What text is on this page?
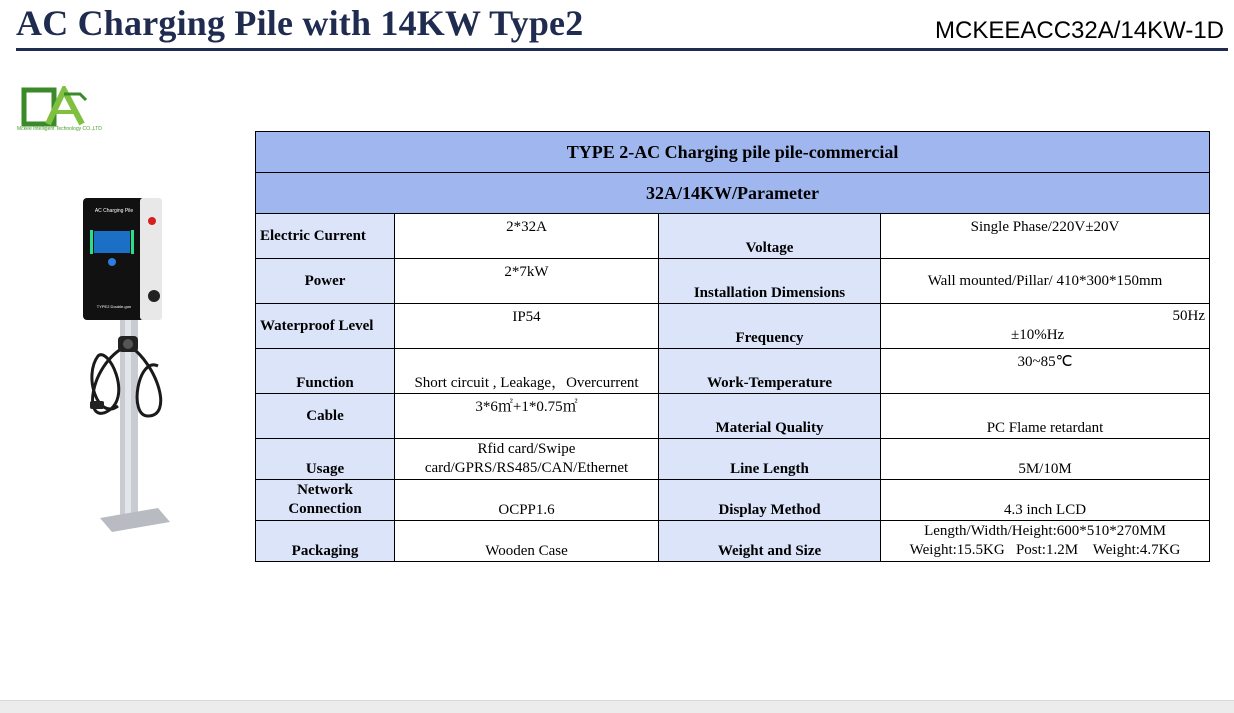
AC Charging Pile with 14KW Type2	MCKEEACC32A/14KW-1D
Mckee Intelligent Technology CO.,LTD
AC Charging Pile
TYPE2 Double-gun
TYPE 2-AC Charging pile pile-commercial			
32A/14KW/Parameter			
Electric Current	2*32A	Voltage	Single Phase/220V±20V
Power	2*7kW	Installation Dimensions	Wall mounted/Pillar/ 410*300*150mm
Waterproof Level	IP54	Frequency	50Hz
±10%Hz

Function	Short circuit , Leakage，Overcurrent	Work-Temperature	30~85℃
Cable	3*6㎡+1*0.75㎡	Material Quality	PC Flame retardant
Usage	Rfid card/Swipe
card/GPRS/RS485/CAN/Ethernet	Line Length	5M/10M

Network
Connection	OCPP1.6	Display Method	4.3 inch LCD
Packaging	Wooden Case	Weight and Size	Length/Width/Height:600*510*270MM
Weight:15.5KG   Post:1.2M    Weight:4.7KG
